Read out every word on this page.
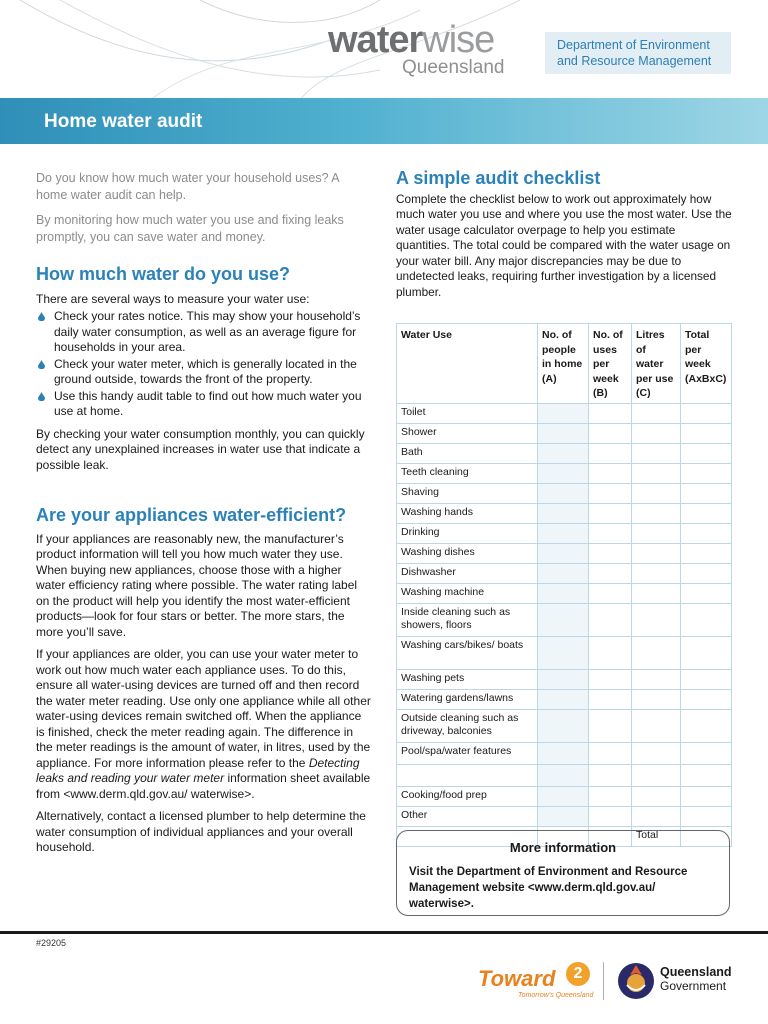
waterwise
Queensland
Department of Environment
and Resource Management
Home water audit

Do you know how much water your household uses? A home water audit can help.

By monitoring how much water you use and fixing leaks promptly, you can save water and money.

How much water do you use?

There are several ways to measure your water use:

Check your rates notice. This may show your household’s daily water consumption, as well as an average figure for households in your area.
Check your water meter, which is generally located in the ground outside, towards the front of the property.
Use this handy audit table to find out how much water you use at home.

By checking your water consumption monthly, you can quickly detect any unexplained increases in water use that indicate a possible leak.

Are your appliances water-efficient?

If your appliances are reasonably new, the manufacturer’s product information will tell you how much water they use. When buying new appliances, choose those with a higher water efficiency rating where possible. The water rating label on the product will help you identify the most water-efficient products—look for four stars or better. The more stars, the more you’ll save.

If your appliances are older, you can use your water meter to work out how much water each appliance uses. To do this, ensure all water-using devices are turned off and then record the water meter reading. Use only one appliance while all other water-using devices remain switched off. When the appliance is finished, check the meter reading again. The difference in the meter readings is the amount of water, in litres, used by the appliance. For more information please refer to the Detecting leaks and reading your water meter information sheet available from <www.derm.qld.gov.au/ waterwise>.

Alternatively, contact a licensed plumber to help determine the water consumption of individual appliances and your overall household.

A simple audit checklist

Complete the checklist below to work out approximately how much water you use and where you use the most water. Use the water usage calculator overpage to help you estimate quantities. The total could be compared with the water usage on your water bill. Any major discrepancies may be due to undetected leaks, requiring further investigation by a licensed plumber.

Water Use	No. of people in home (A)	No. of uses per week (B)	Litres of water per use (C)	Total per week (AxBxC)
Toilet				
Shower				
Bath				
Teeth cleaning				
Shaving				
Washing hands				
Drinking				
Washing dishes				
Dishwasher				
Washing machine				
Inside cleaning such as showers, floors				
Washing cars/bikes/ boats				
Washing pets				
Watering gardens/lawns				
Outside cleaning such as driveway, balconies				
Pool/spa/water features				

Cooking/food prep				
Other				
			Total	
More information
Visit the Department of Environment and Resource Management website <www.derm.qld.gov.au/ waterwise>.
#29205
Toward	2
Tomorrow's Queensland
Queensland
Government
